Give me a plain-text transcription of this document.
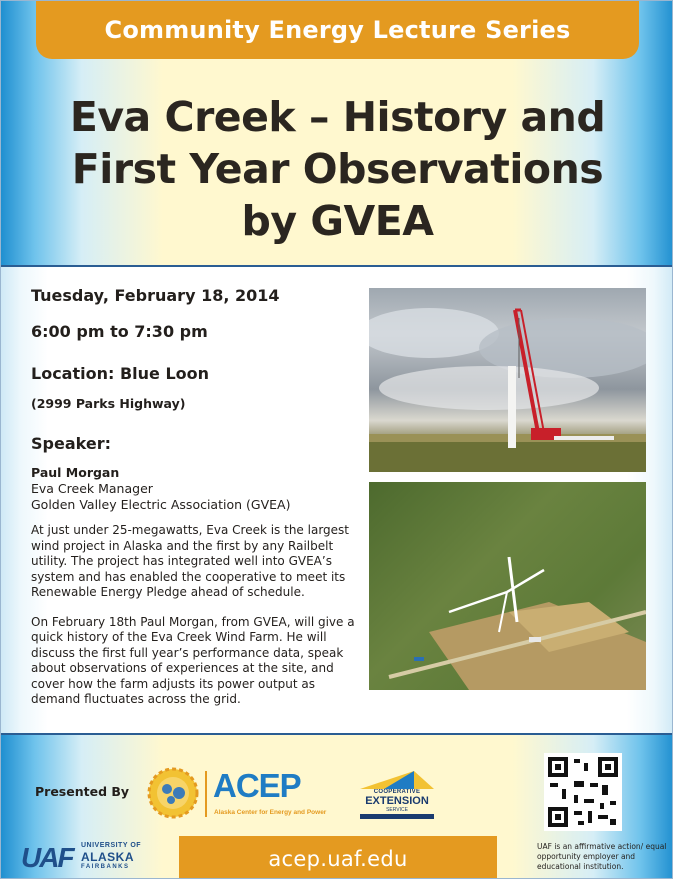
Community Energy Lecture Series
Eva Creek – History and
First Year Observations
by GVEA
Tuesday, February 18, 2014
6:00 pm to 7:30 pm
Location: Blue Loon
(2999 Parks Highway)
Speaker:
Paul Morgan
Eva Creek Manager
Golden Valley Electric Association (GVEA)

At just under 25-megawatts, Eva Creek is the largest wind project in Alaska and the first by any Railbelt utility. The project has integrated well into GVEA’s system and has enabled the cooperative to meet its Renewable Energy Pledge ahead of schedule.

On February 18th Paul Morgan, from GVEA, will give a quick history of the Eva Creek Wind Farm. He will discuss the first full year’s performance data, speak about observations of experiences at the site, and cover how the farm adjusts its power output as demand fluctuates across the grid.

Presented By	ACEP
Alaska Center for Energy and Power
COOPERATIVE
EXTENSION
SERVICE
UAF UNIVERSITY OF
ALASKA
FAIRBANKS	acep.uaf.edu
UAF is an affirmative action/ equal opportunity employer and educational institution.
